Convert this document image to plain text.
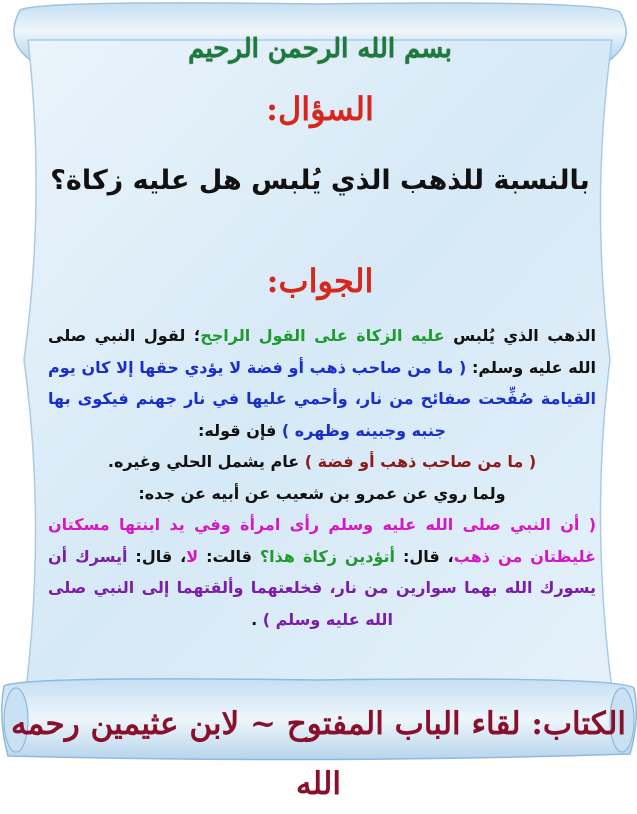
بسم الله الرحمن الرحيم
السؤال:
بالنسبة للذهب الذي يُلبس هل عليه زكاة؟
الجواب:
الذهب الذي يُلبس عليه الزكاة على القول الراجح؛ لقول النبي صلى الله عليه وسلم: ( ما من صاحب ذهب أو فضة لا يؤدي حقها إلا كان يوم القيامة صُفِّحت صفائح من نار، وأحمي عليها في نار جهنم فيكوى بها جنبه وجبينه وظهره ) فإن قوله:
( ما من صاحب ذهب أو فضة ) عام يشمل الحلي وغيره.
ولما روي عن عمرو بن شعيب عن أبيه عن جده:
( أن النبي صلى الله عليه وسلم رأى امرأة وفي يد ابنتها مسكتان غليظتان من ذهب، قال: أتؤدين زكاة هذا؟ قالت: لا، قال: أيسرك أن يسورك الله بهما سوارين من نار، فخلعتهما وألقتهما إلى النبي صلى الله عليه وسلم ) .
الكتاب: لقاء الباب المفتوح ~ لابن عثيمين رحمه الله
